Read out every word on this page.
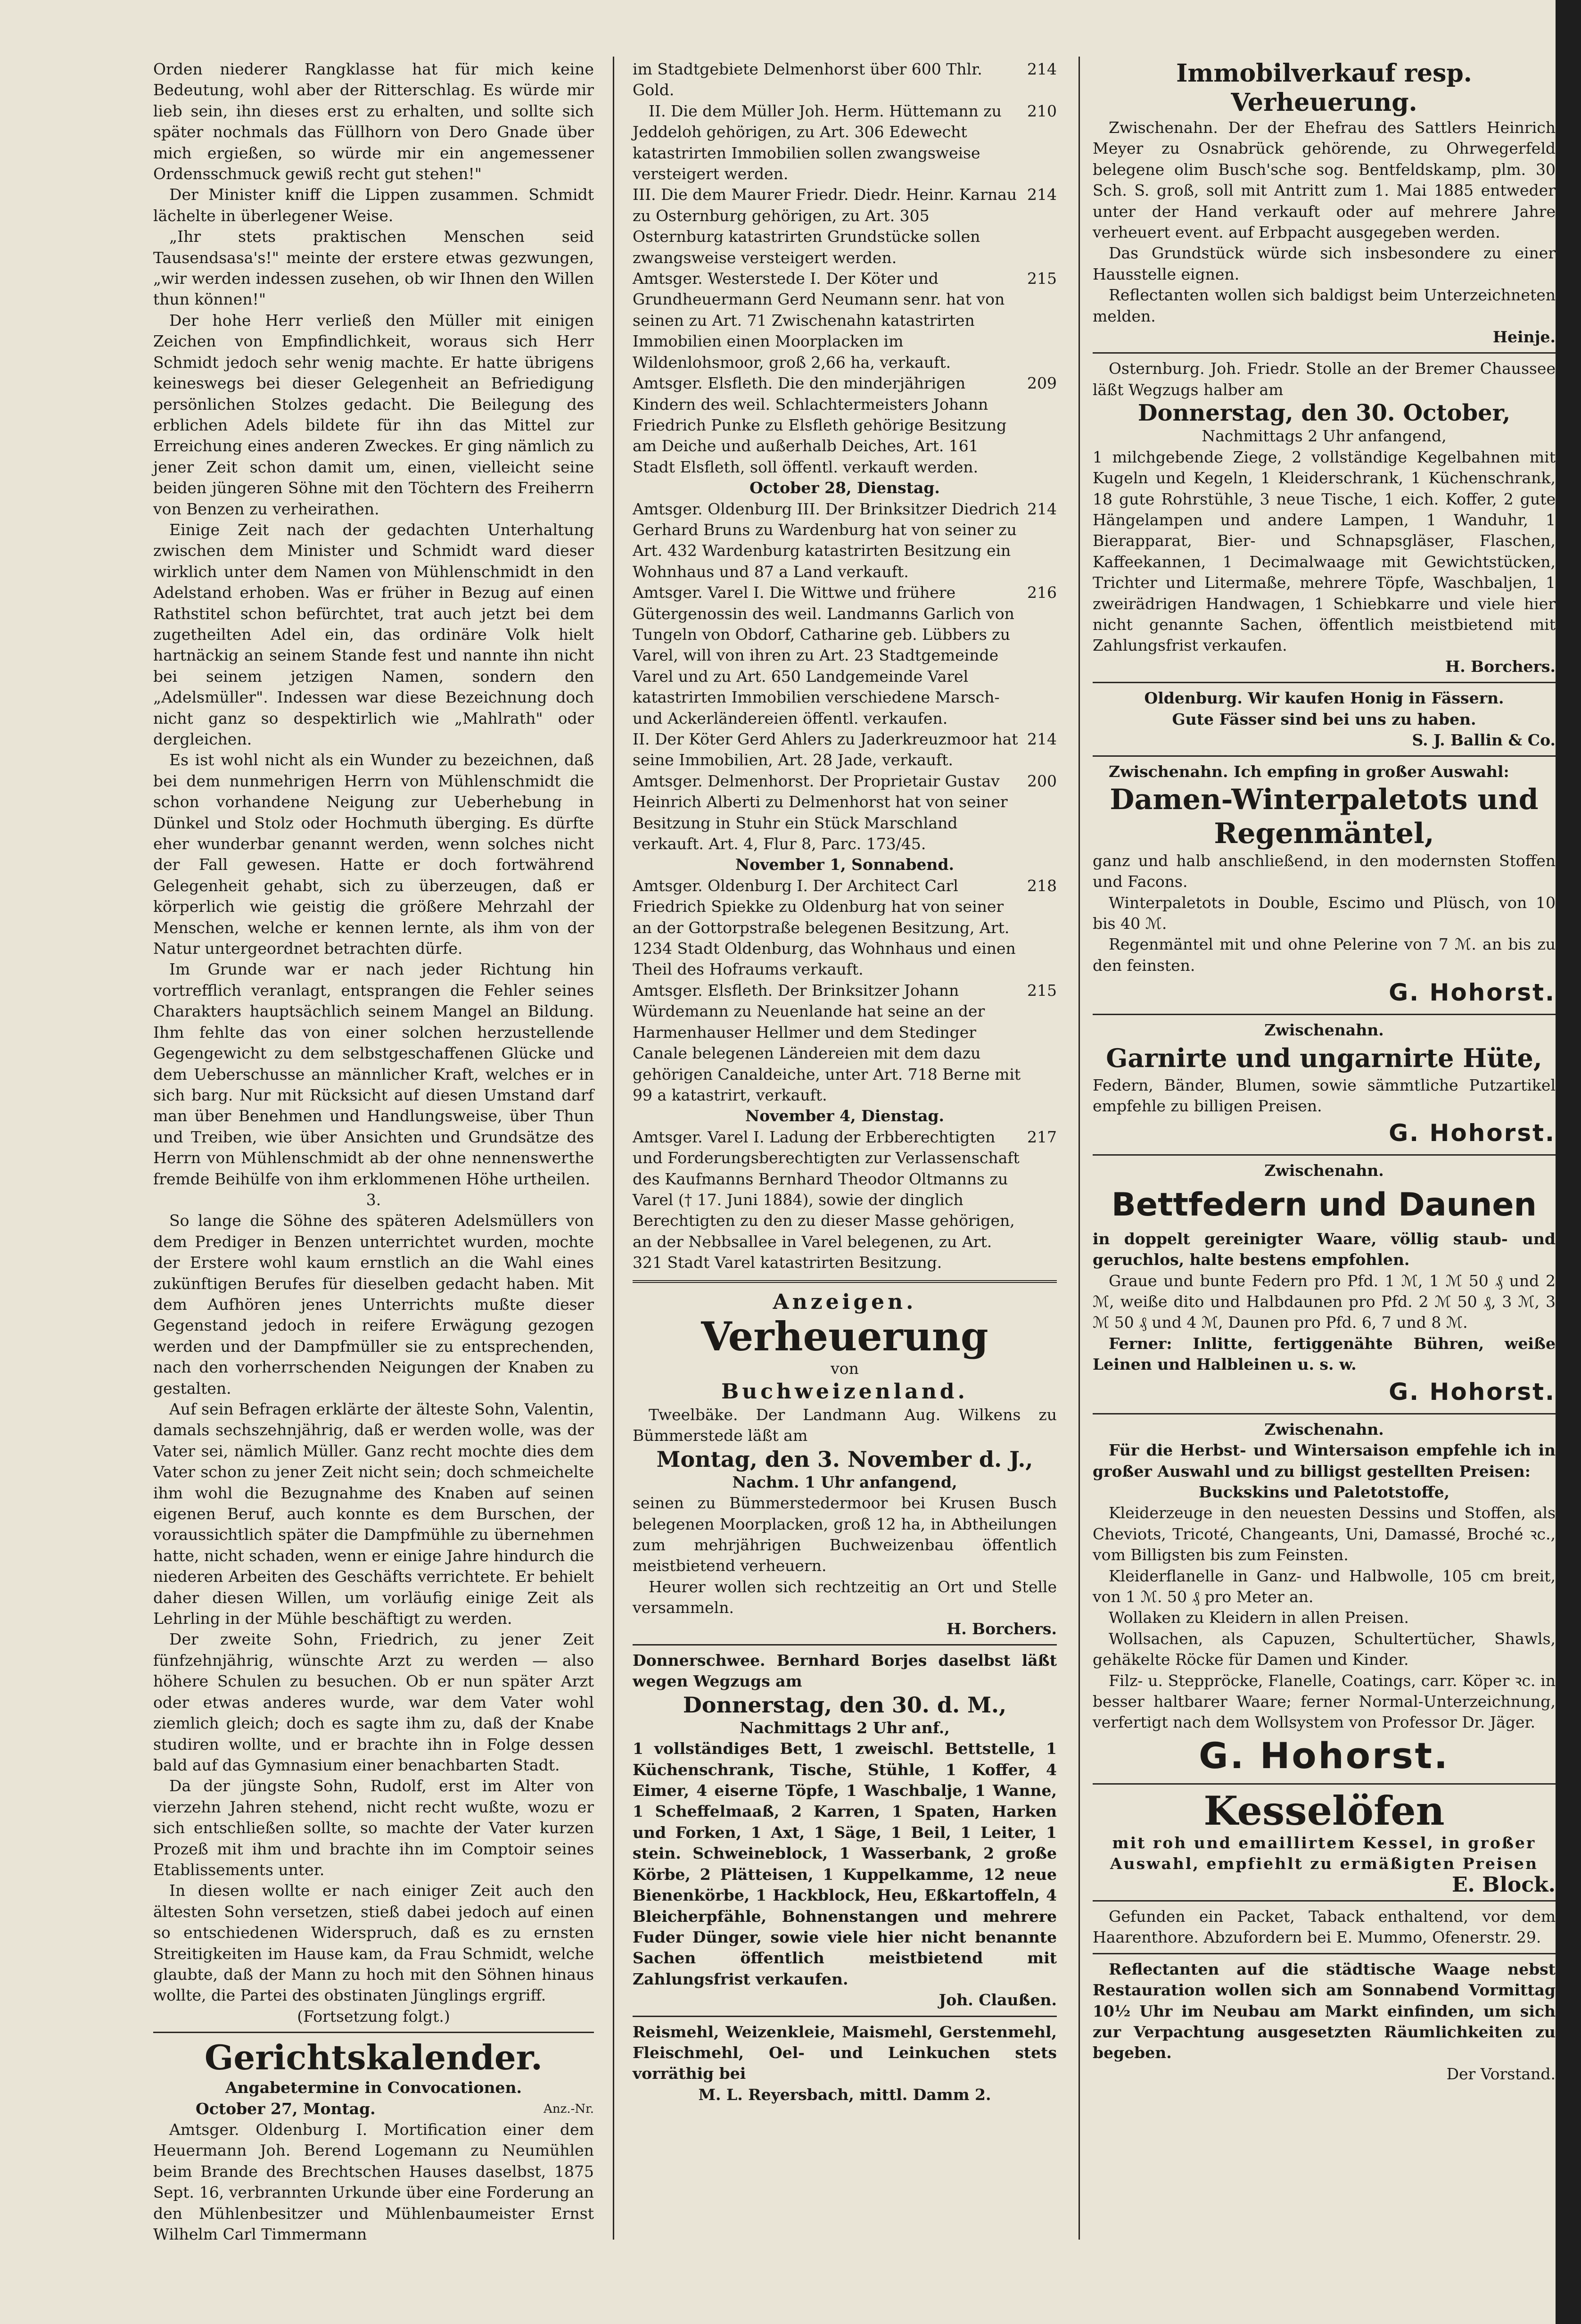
Orden niederer Rangklasse hat für mich keine Bedeutung, wohl aber der Ritterschlag. Es würde mir lieb sein, ihn dieses erst zu erhalten, und sollte sich später nochmals das Füllhorn von Dero Gnade über mich ergießen, so würde mir ein angemessener Ordensschmuck gewiß recht gut stehen!"

Der Minister kniff die Lippen zusammen. Schmidt lächelte in überlegener Weise.

„Ihr stets praktischen Menschen seid Tausendsasa's!" meinte der erstere etwas gezwungen, „wir werden indessen zusehen, ob wir Ihnen den Willen thun können!"

Der hohe Herr verließ den Müller mit einigen Zeichen von Empfindlichkeit, woraus sich Herr Schmidt jedoch sehr wenig machte. Er hatte übrigens keineswegs bei dieser Gelegenheit an Befriedigung persönlichen Stolzes gedacht. Die Beilegung des erblichen Adels bildete für ihn das Mittel zur Erreichung eines anderen Zweckes. Er ging nämlich zu jener Zeit schon damit um, einen, vielleicht seine beiden jüngeren Söhne mit den Töchtern des Freiherrn von Benzen zu verheirathen.

Einige Zeit nach der gedachten Unterhaltung zwischen dem Minister und Schmidt ward dieser wirklich unter dem Namen von Mühlenschmidt in den Adelstand erhoben. Was er früher in Bezug auf einen Rathstitel schon befürchtet, trat auch jetzt bei dem zugetheilten Adel ein, das ordinäre Volk hielt hartnäckig an seinem Stande fest und nannte ihn nicht bei seinem jetzigen Namen, sondern den „Adelsmüller". Indessen war diese Bezeichnung doch nicht ganz so despektirlich wie „Mahlrath" oder dergleichen.

Es ist wohl nicht als ein Wunder zu bezeichnen, daß bei dem nunmehrigen Herrn von Mühlenschmidt die schon vorhandene Neigung zur Ueberhebung in Dünkel und Stolz oder Hochmuth überging. Es dürfte eher wunderbar genannt werden, wenn solches nicht der Fall gewesen. Hatte er doch fortwährend Gelegenheit gehabt, sich zu überzeugen, daß er körperlich wie geistig die größere Mehrzahl der Menschen, welche er kennen lernte, als ihm von der Natur untergeordnet betrachten dürfe.

Im Grunde war er nach jeder Richtung hin vortrefflich veranlagt, entsprangen die Fehler seines Charakters hauptsächlich seinem Mangel an Bildung. Ihm fehlte das von einer solchen herzustellende Gegengewicht zu dem selbstgeschaffenen Glücke und dem Ueberschusse an männlicher Kraft, welches er in sich barg. Nur mit Rücksicht auf diesen Umstand darf man über Benehmen und Handlungsweise, über Thun und Treiben, wie über Ansichten und Grundsätze des Herrn von Mühlenschmidt ab der ohne nennenswerthe fremde Beihülfe von ihm erklommenen Höhe urtheilen.

3.

So lange die Söhne des späteren Adelsmüllers von dem Prediger in Benzen unterrichtet wurden, mochte der Erstere wohl kaum ernstlich an die Wahl eines zukünftigen Berufes für dieselben gedacht haben. Mit dem Aufhören jenes Unterrichts mußte dieser Gegenstand jedoch in reifere Erwägung gezogen werden und der Dampfmüller sie zu entsprechenden, nach den vorherrschenden Neigungen der Knaben zu gestalten.

Auf sein Befragen erklärte der älteste Sohn, Valentin, damals sechszehnjährig, daß er werden wolle, was der Vater sei, nämlich Müller. Ganz recht mochte dies dem Vater schon zu jener Zeit nicht sein; doch schmeichelte ihm wohl die Bezugnahme des Knaben auf seinen eigenen Beruf, auch konnte es dem Burschen, der voraussichtlich später die Dampfmühle zu übernehmen hatte, nicht schaden, wenn er einige Jahre hindurch die niederen Arbeiten des Geschäfts verrichtete. Er behielt daher diesen Willen, um vorläufig einige Zeit als Lehrling in der Mühle beschäftigt zu werden.

Der zweite Sohn, Friedrich, zu jener Zeit fünfzehnjährig, wünschte Arzt zu werden — also höhere Schulen zu besuchen. Ob er nun später Arzt oder etwas anderes wurde, war dem Vater wohl ziemlich gleich; doch es sagte ihm zu, daß der Knabe studiren wollte, und er brachte ihn in Folge dessen bald auf das Gymnasium einer benachbarten Stadt.

Da der jüngste Sohn, Rudolf, erst im Alter von vierzehn Jahren stehend, nicht recht wußte, wozu er sich entschließen sollte, so machte der Vater kurzen Prozeß mit ihm und brachte ihn im Comptoir seines Etablissements unter.

In diesen wollte er nach einiger Zeit auch den ältesten Sohn versetzen, stieß dabei jedoch auf einen so entschiedenen Widerspruch, daß es zu ernsten Streitigkeiten im Hause kam, da Frau Schmidt, welche glaubte, daß der Mann zu hoch mit den Söhnen hinaus wollte, die Partei des obstinaten Jünglings ergriff.

(Fortsetzung folgt.)

Gerichtskalender.

Angabetermine in Convocationen.

October 27, Montag.	Anz.-Nr.

Amtsger. Oldenburg I. Mortification einer dem Heuermann Joh. Berend Logemann zu Neumühlen beim Brande des Brechtschen Hauses daselbst, 1875 Sept. 16, verbrannten Urkunde über eine Forderung an den Mühlenbesitzer und Mühlenbaumeister Ernst Wilhelm Carl Timmermann

im Stadtgebiete Delmenhorst über 600 Thlr. Gold.
214
II. Die dem Müller Joh. Herm. Hüttemann zu Jeddeloh gehörigen, zu Art. 306 Edewecht katastrirten Immobilien sollen zwangsweise versteigert werden.
210
III. Die dem Maurer Friedr. Diedr. Heinr. Karnau zu Osternburg gehörigen, zu Art. 305 Osternburg katastrirten Grundstücke sollen zwangsweise versteigert werden.
214
Amtsger. Westerstede I. Der Köter und Grundheuermann Gerd Neumann senr. hat von seinen zu Art. 71 Zwischenahn katastrirten Immobilien einen Moorplacken im Wildenlohsmoor, groß 2,66 ha, verkauft.
215
Amtsger. Elsfleth. Die den minderjährigen Kindern des weil. Schlachtermeisters Johann Friedrich Punke zu Elsfleth gehörige Besitzung am Deiche und außerhalb Deiches, Art. 161 Stadt Elsfleth, soll öffentl. verkauft werden.
209

October 28, Dienstag.

Amtsger. Oldenburg III. Der Brinksitzer Diedrich Gerhard Bruns zu Wardenburg hat von seiner zu Art. 432 Wardenburg katastrirten Besitzung ein Wohnhaus und 87 a Land verkauft.
214
Amtsger. Varel I. Die Wittwe und frühere Gütergenossin des weil. Landmanns Garlich von Tungeln von Obdorf, Catharine geb. Lübbers zu Varel, will von ihren zu Art. 23 Stadtgemeinde Varel und zu Art. 650 Landgemeinde Varel katastrirten Immobilien verschiedene Marsch- und Ackerländereien öffentl. verkaufen.
216
II. Der Köter Gerd Ahlers zu Jaderkreuzmoor hat seine Immobilien, Art. 28 Jade, verkauft.
214
Amtsger. Delmenhorst. Der Proprietair Gustav Heinrich Alberti zu Delmenhorst hat von seiner Besitzung in Stuhr ein Stück Marschland verkauft. Art. 4, Flur 8, Parc. 173/45.
200

November 1, Sonnabend.

Amtsger. Oldenburg I. Der Architect Carl Friedrich Spiekke zu Oldenburg hat von seiner an der Gottorpstraße belegenen Besitzung, Art. 1234 Stadt Oldenburg, das Wohnhaus und einen Theil des Hofraums verkauft.
218
Amtsger. Elsfleth. Der Brinksitzer Johann Würdemann zu Neuenlande hat seine an der Harmenhauser Hellmer und dem Stedinger Canale belegenen Ländereien mit dem dazu gehörigen Canaldeiche, unter Art. 718 Berne mit 99 a katastrirt, verkauft.
215

November 4, Dienstag.

Amtsger. Varel I. Ladung der Erbberechtigten und Forderungsberechtigten zur Verlassenschaft des Kaufmanns Bernhard Theodor Oltmanns zu Varel († 17. Juni 1884), sowie der dinglich Berechtigten zu den zu dieser Masse gehörigen, an der Nebbsallee in Varel belegenen, zu Art. 321 Stadt Varel katastrirten Besitzung.
217
Anzeigen.
Verheuerung

von

Buchweizenland.

Tweelbäke. Der Landmann Aug. Wilkens zu Bümmerstede läßt am

Montag, den 3. November d. J.,

Nachm. 1 Uhr anfangend,

seinen zu Bümmerstedermoor bei Krusen Busch belegenen Moorplacken, groß 12 ha, in Abtheilungen zum mehrjährigen Buchweizenbau öffentlich meistbietend verheuern.

Heurer wollen sich rechtzeitig an Ort und Stelle versammeln.

H. Borchers.

Donnerschwee. Bernhard Borjes daselbst läßt wegen Wegzugs am

Donnerstag, den 30. d. M.,

Nachmittags 2 Uhr anf.,

1 vollständiges Bett, 1 zweischl. Bettstelle, 1 Küchenschrank, Tische, Stühle, 1 Koffer, 4 Eimer, 4 eiserne Töpfe, 1 Waschbalje, 1 Wanne, 1 Scheffelmaaß, 2 Karren, 1 Spaten, Harken und Forken, 1 Axt, 1 Säge, 1 Beil, 1 Leiter, 1 stein. Schweineblock, 1 Wasserbank, 2 große Körbe, 2 Plätteisen, 1 Kuppelkamme, 12 neue Bienenkörbe, 1 Hackblock, Heu, Eßkartoffeln, 4 Bleicherpfähle, Bohnenstangen und mehrere Fuder Dünger, sowie viele hier nicht benannte Sachen öffentlich meistbietend mit Zahlungsfrist verkaufen.

Joh. Claußen.

Reismehl, Weizenkleie, Maismehl, Gerstenmehl, Fleischmehl, Oel- und Leinkuchen stets vorräthig bei

M. L. Reyersbach, mittl. Damm 2.

Immobilverkauf resp. Verheuerung.

Zwischenahn. Der der Ehefrau des Sattlers Heinrich Meyer zu Osnabrück gehörende, zu Ohrwegerfeld belegene olim Busch'sche sog. Bentfeldskamp, plm. 30 Sch. S. groß, soll mit Antritt zum 1. Mai 1885 entweder unter der Hand verkauft oder auf mehrere Jahre verheuert event. auf Erbpacht ausgegeben werden.

Das Grundstück würde sich insbesondere zu einer Hausstelle eignen.

Reflectanten wollen sich baldigst beim Unterzeichneten melden.

Heinje.

Osternburg. Joh. Friedr. Stolle an der Bremer Chaussee läßt Wegzugs halber am

Donnerstag, den 30. October,

Nachmittags 2 Uhr anfangend,

1 milchgebende Ziege, 2 vollständige Kegelbahnen mit Kugeln und Kegeln, 1 Kleiderschrank, 1 Küchenschrank, 18 gute Rohrstühle, 3 neue Tische, 1 eich. Koffer, 2 gute Hängelampen und andere Lampen, 1 Wanduhr, 1 Bierapparat, Bier- und Schnapsgläser, Flaschen, Kaffeekannen, 1 Decimalwaage mit Gewichtstücken, Trichter und Litermaße, mehrere Töpfe, Waschbaljen, 1 zweirädrigen Handwagen, 1 Schiebkarre und viele hier nicht genannte Sachen, öffentlich meistbietend mit Zahlungsfrist verkaufen.

H. Borchers.

Oldenburg. Wir kaufen Honig in Fässern.

Gute Fässer sind bei uns zu haben.

S. J. Ballin & Co.

Zwischenahn. Ich empfing in großer Auswahl:

Damen-Winterpaletots und
Regenmäntel,

ganz und halb anschließend, in den modernsten Stoffen und Facons.

Winterpaletots in Double, Escimo und Plüsch, von 10 bis 40 ℳ.

Regenmäntel mit und ohne Pelerine von 7 ℳ. an bis zu den feinsten.

G. Hohorst.

Zwischenahn.

Garnirte und ungarnirte Hüte,

Federn, Bänder, Blumen, sowie sämmtliche Putzartikel empfehle zu billigen Preisen.

G. Hohorst.

Zwischenahn.

Bettfedern und Daunen

in doppelt gereinigter Waare, völlig staub- und geruchlos, halte bestens empfohlen.

Graue und bunte Federn pro Pfd. 1 ℳ, 1 ℳ 50 ₰ und 2 ℳ, weiße dito und Halbdaunen pro Pfd. 2 ℳ 50 ₰, 3 ℳ, 3 ℳ 50 ₰ und 4 ℳ, Daunen pro Pfd. 6, 7 und 8 ℳ.

Ferner: Inlitte, fertiggenähte Bühren, weiße Leinen und Halbleinen u. s. w.

G. Hohorst.

Zwischenahn.

Für die Herbst- und Wintersaison empfehle ich in großer Auswahl und zu billigst gestellten Preisen:

Buckskins und Paletotstoffe,

Kleiderzeuge in den neuesten Dessins und Stoffen, als Cheviots, Tricoté, Changeants, Uni, Damassé, Broché ꝛc., vom Billigsten bis zum Feinsten.

Kleiderflanelle in Ganz- und Halbwolle, 105 cm breit, von 1 ℳ. 50 ₰ pro Meter an.

Wollaken zu Kleidern in allen Preisen.

Wollsachen, als Capuzen, Schultertücher, Shawls, gehäkelte Röcke für Damen und Kinder.

Filz- u. Steppröcke, Flanelle, Coatings, carr. Köper ꝛc. in besser haltbarer Waare; ferner Normal-Unterzeichnung, verfertigt nach dem Wollsystem von Professor Dr. Jäger.

G. Hohorst.
Kesselöfen

mit roh und emaillirtem Kessel, in großer Auswahl, empfiehlt zu ermäßigten Preisen

E. Block.

Gefunden ein Packet, Taback enthaltend, vor dem Haarenthore. Abzufordern bei E. Mummo, Ofenerstr. 29.

Reflectanten auf die städtische Waage nebst Restauration wollen sich am Sonnabend Vormittag 10½ Uhr im Neubau am Markt einfinden, um sich zur Verpachtung ausgesetzten Räumlichkeiten zu begeben.

Der Vorstand.
